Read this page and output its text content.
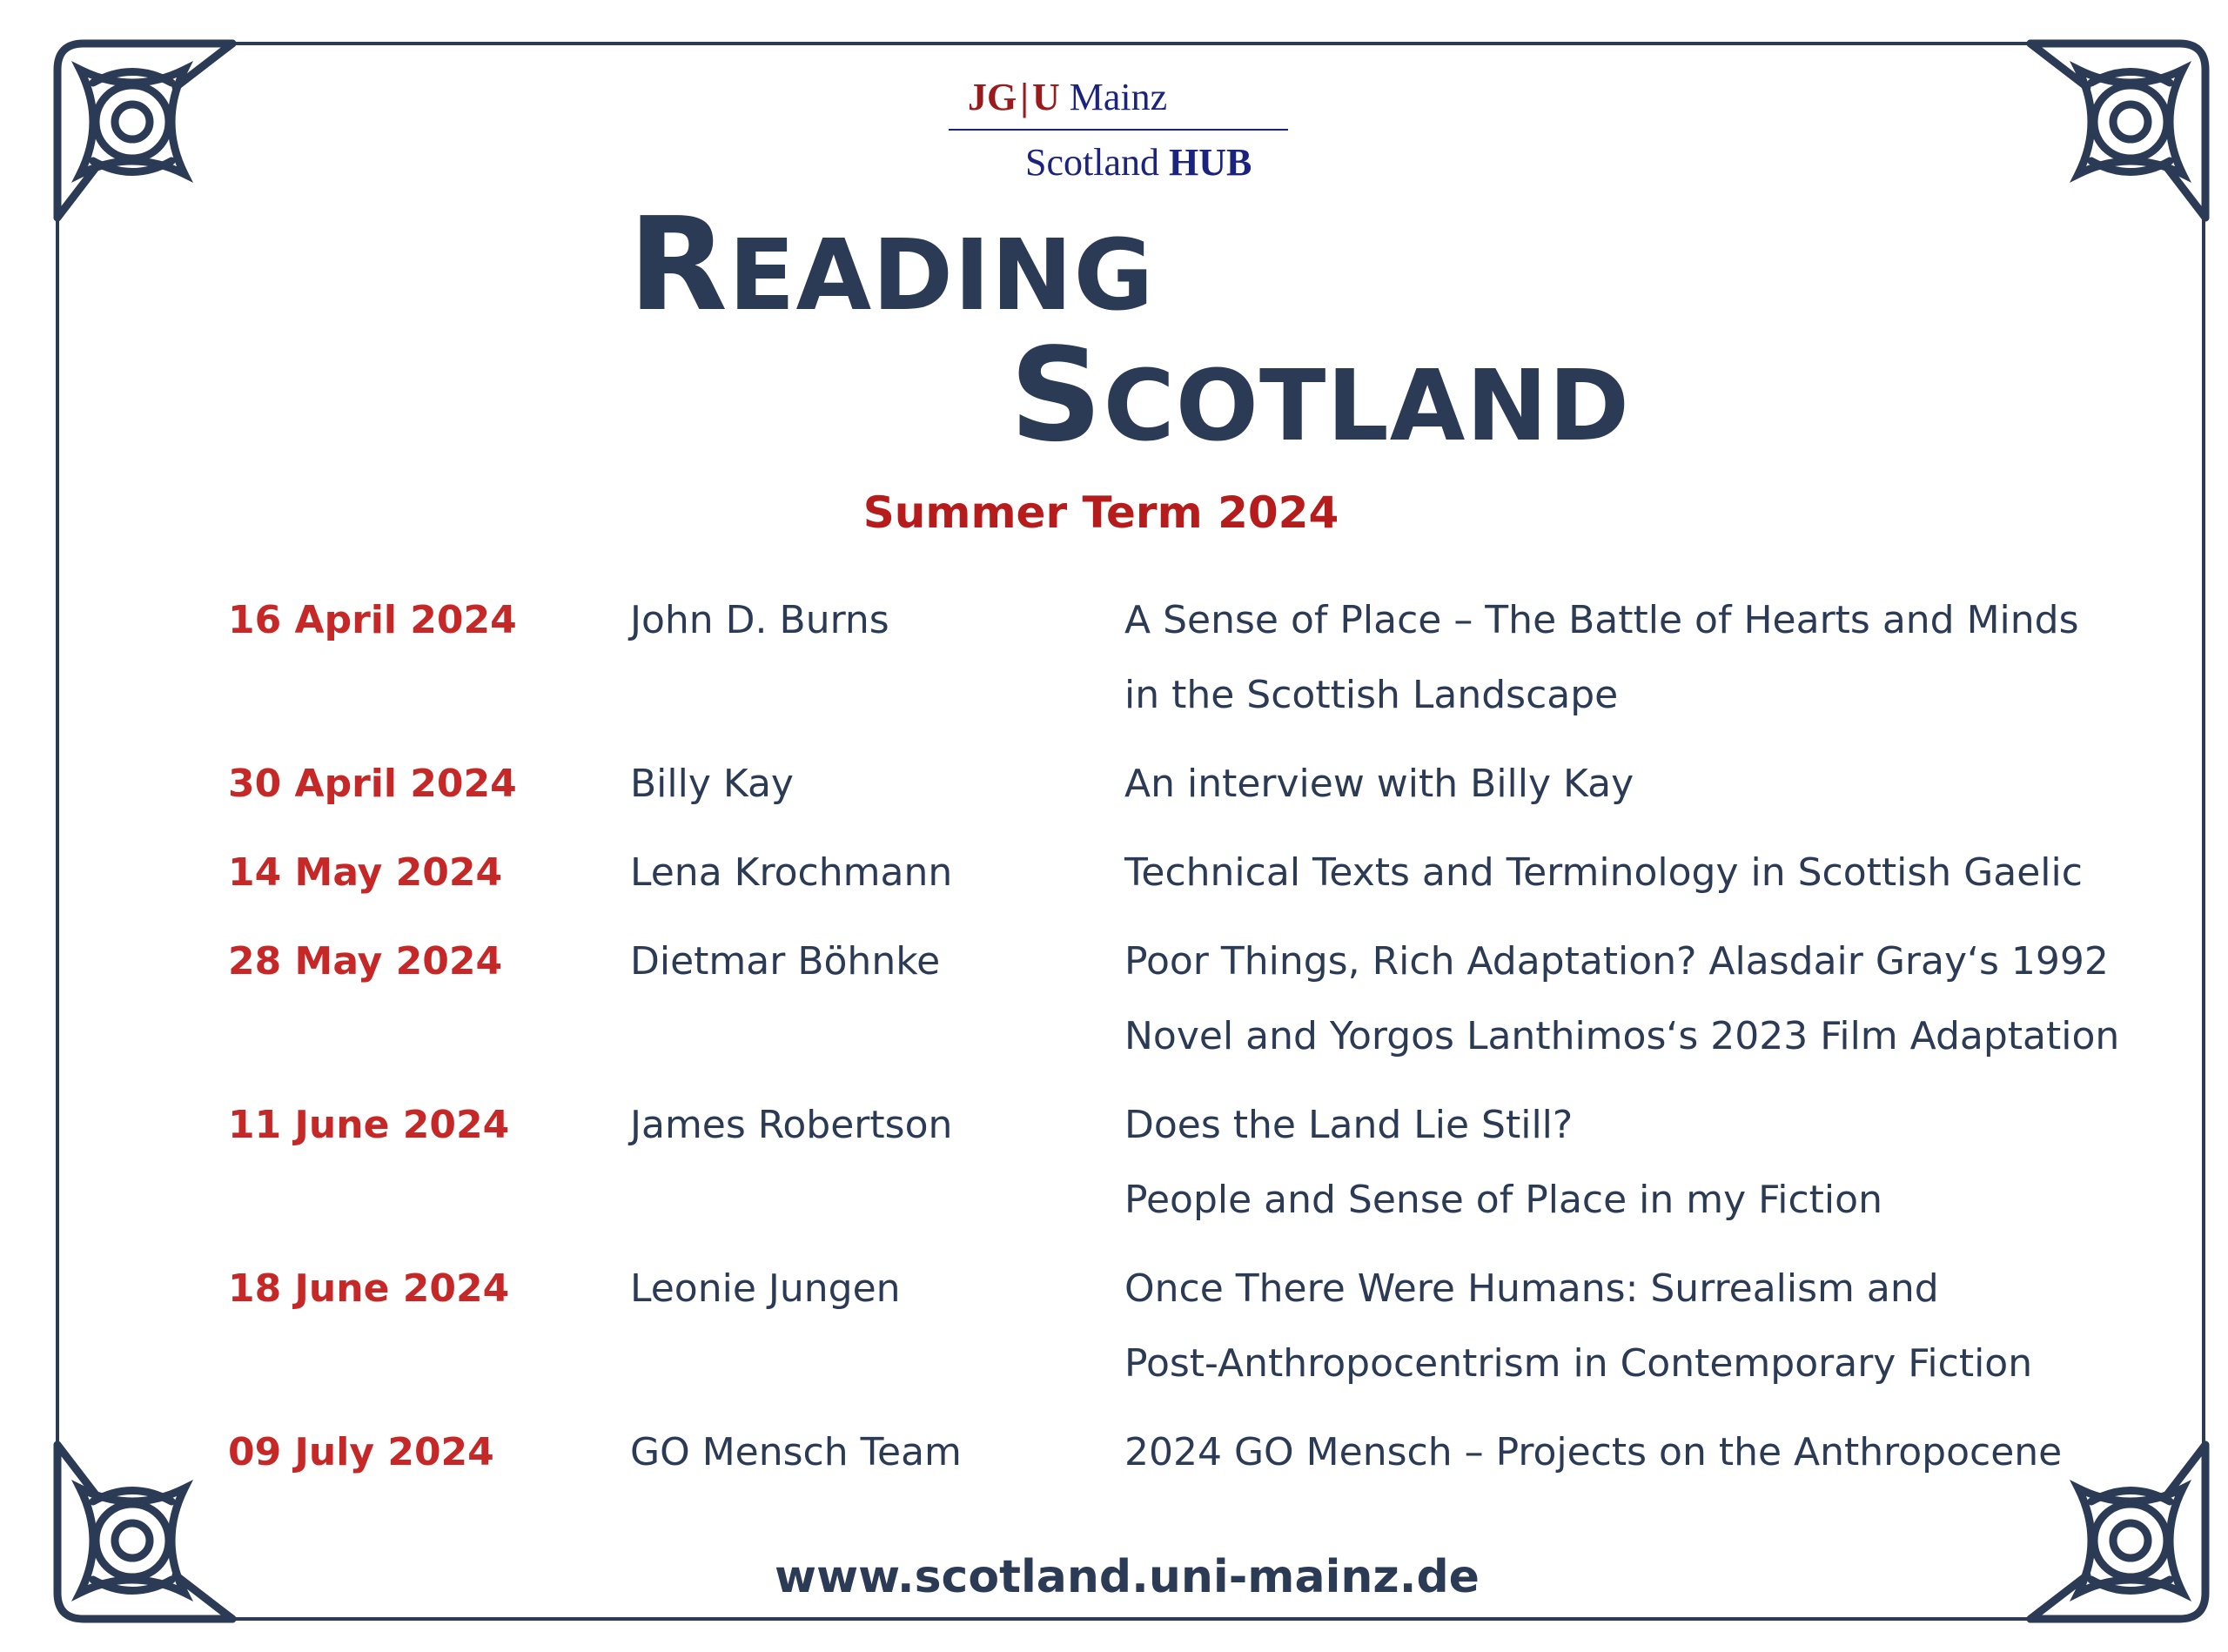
JG|U Mainz
Scotland HUB
READING
SCOTLAND
Summer Term 2024
16 April 2024	John D. Burns	A Sense of Place – The Battle of Hearts and Minds
in the Scottish Landscape
30 April 2024	Billy Kay	An interview with Billy Kay
14 May 2024	Lena Krochmann	Technical Texts and Terminology in Scottish Gaelic
28 May 2024	Dietmar Böhnke	Poor Things, Rich Adaptation? Alasdair Gray‘s 1992
Novel and Yorgos Lanthimos‘s 2023 Film Adaptation
11 June 2024	James Robertson	Does the Land Lie Still?
People and Sense of Place in my Fiction
18 June 2024	Leonie Jungen	Once There Were Humans: Surrealism and
Post-Anthropocentrism in Contemporary Fiction
09 July 2024	GO Mensch Team	2024 GO Mensch – Projects on the Anthropocene
www.scotland.uni-mainz.de
